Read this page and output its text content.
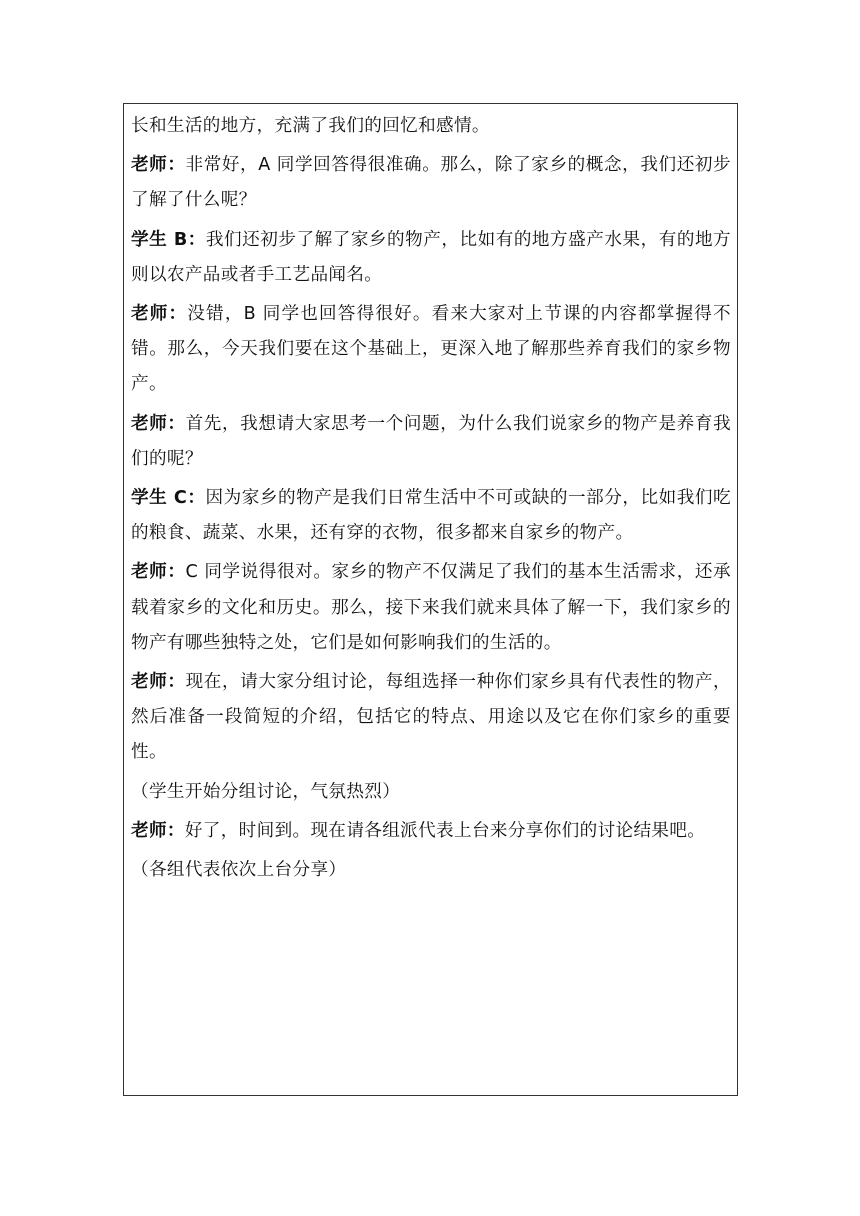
长和生活的地方，充满了我们的回忆和感情。

老师：非常好，A 同学回答得很准确。那么，除了家乡的概念，我们还初步了解了什么呢？

学生 B：我们还初步了解了家乡的物产，比如有的地方盛产水果，有的地方则以农产品或者手工艺品闻名。

老师：没错，B 同学也回答得很好。看来大家对上节课的内容都掌握得不错。那么，今天我们要在这个基础上，更深入地了解那些养育我们的家乡物产。

老师：首先，我想请大家思考一个问题，为什么我们说家乡的物产是养育我们的呢？

学生 C：因为家乡的物产是我们日常生活中不可或缺的一部分，比如我们吃的粮食、蔬菜、水果，还有穿的衣物，很多都来自家乡的物产。

老师：C 同学说得很对。家乡的物产不仅满足了我们的基本生活需求，还承载着家乡的文化和历史。那么，接下来我们就来具体了解一下，我们家乡的物产有哪些独特之处，它们是如何影响我们的生活的。

老师：现在，请大家分组讨论，每组选择一种你们家乡具有代表性的物产，然后准备一段简短的介绍，包括它的特点、用途以及它在你们家乡的重要性。

（学生开始分组讨论，气氛热烈）

老师：好了，时间到。现在请各组派代表上台来分享你们的讨论结果吧。

（各组代表依次上台分享）
